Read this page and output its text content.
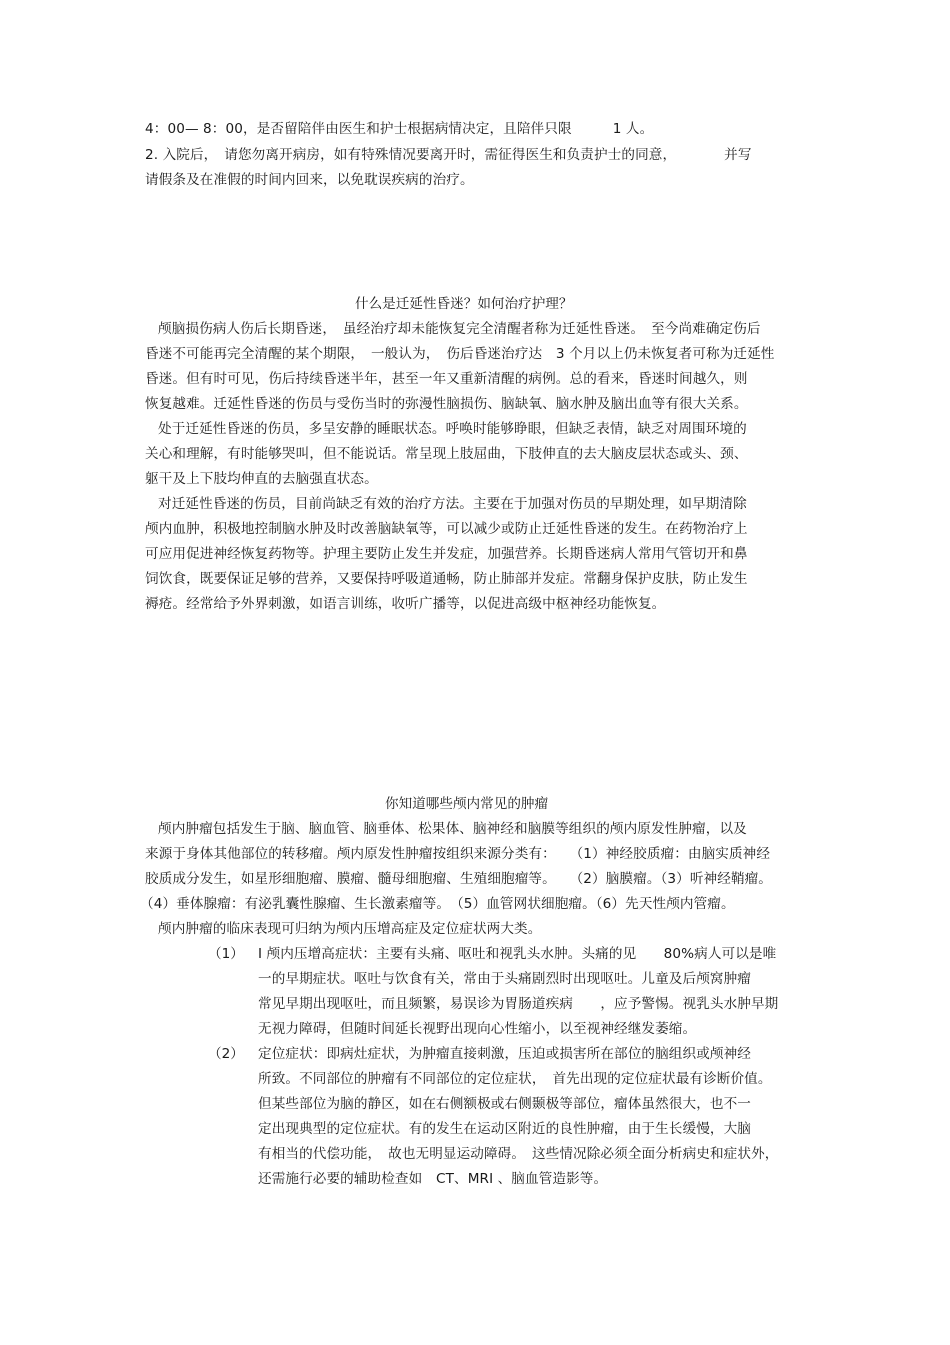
4：00— 8：00，是否留陪伴由医生和护士根据病情决定，且陪伴只限　　　1 人。
2. 入院后，　请您勿离开病房，如有特殊情况要离开时，需征得医生和负责护士的同意，　　　　并写
请假条及在准假的时间内回来，以免耽误疾病的治疗。
什么是迁延性昏迷？如何治疗护理？
颅脑损伤病人伤后长期昏迷，　虽经治疗却未能恢复完全清醒者称为迁延性昏迷。　至今尚难确定伤后
昏迷不可能再完全清醒的某个期限，　一般认为，　伤后昏迷治疗达　3 个月以上仍未恢复者可称为迁延性
昏迷。但有时可见，伤后持续昏迷半年，甚至一年又重新清醒的病例。总的看来，昏迷时间越久，则
恢复越难。迁延性昏迷的伤员与受伤当时的弥漫性脑损伤、脑缺氧、脑水肿及脑出血等有很大关系。
处于迁延性昏迷的伤员，多呈安静的睡眠状态。呼唤时能够睁眼，但缺乏表情，缺乏对周围环境的
关心和理解，有时能够哭叫，但不能说话。常呈现上肢屈曲，下肢伸直的去大脑皮层状态或头、颈、
躯干及上下肢均伸直的去脑强直状态。
对迁延性昏迷的伤员，目前尚缺乏有效的治疗方法。主要在于加强对伤员的早期处理，如早期清除
颅内血肿，积极地控制脑水肿及时改善脑缺氧等，可以减少或防止迁延性昏迷的发生。在药物治疗上
可应用促进神经恢复药物等。护理主要防止发生并发症，加强营养。长期昏迷病人常用气管切开和鼻
饲饮食，既要保证足够的营养，又要保持呼吸道通畅，防止肺部并发症。常翻身保护皮肤，防止发生
褥疮。经常给予外界刺激，如语言训练，收听广播等，以促进高级中枢神经功能恢复。
你知道哪些颅内常见的肿瘤
颅内肿瘤包括发生于脑、脑血管、脑垂体、松果体、脑神经和脑膜等组织的颅内原发性肿瘤，以及
来源于身体其他部位的转移瘤。颅内原发性肿瘤按组织来源分类有：　　（1）神经胶质瘤：由脑实质神经
胶质成分发生，如星形细胞瘤、膜瘤、髓母细胞瘤、生殖细胞瘤等。　　（2）脑膜瘤。（3）听神经鞘瘤。
（4）垂体腺瘤：有泌乳囊性腺瘤、生长激素瘤等。　（5）血管网状细胞瘤。（6）先天性颅内管瘤。
颅内肿瘤的临床表现可归纳为颅内压增高症及定位症状两大类。
（1） I 颅内压增高症状：主要有头痛、呕吐和视乳头水肿。头痛的见　　80%病人可以是唯
一的早期症状。呕吐与饮食有关，常由于头痛剧烈时出现呕吐。儿童及后颅窝肿瘤
常见早期出现呕吐，而且频繁，易误诊为胃肠道疾病　　，应予警惕。视乳头水肿早期
无视力障碍，但随时间延长视野出现向心性缩小，以至视神经继发萎缩。
（2） 定位症状：即病灶症状，为肿瘤直接刺激，压迫或损害所在部位的脑组织或颅神经
所致。不同部位的肿瘤有不同部位的定位症状，　首先出现的定位症状最有诊断价值。
但某些部位为脑的静区，如在右侧额极或右侧颞极等部位，瘤体虽然很大，也不一
定出现典型的定位症状。有的发生在运动区附近的良性肿瘤，由于生长缓慢，大脑
有相当的代偿功能，　故也无明显运动障碍。　这些情况除必须全面分析病史和症状外，
还需施行必要的辅助检查如　CT、MRI 、脑血管造影等。
